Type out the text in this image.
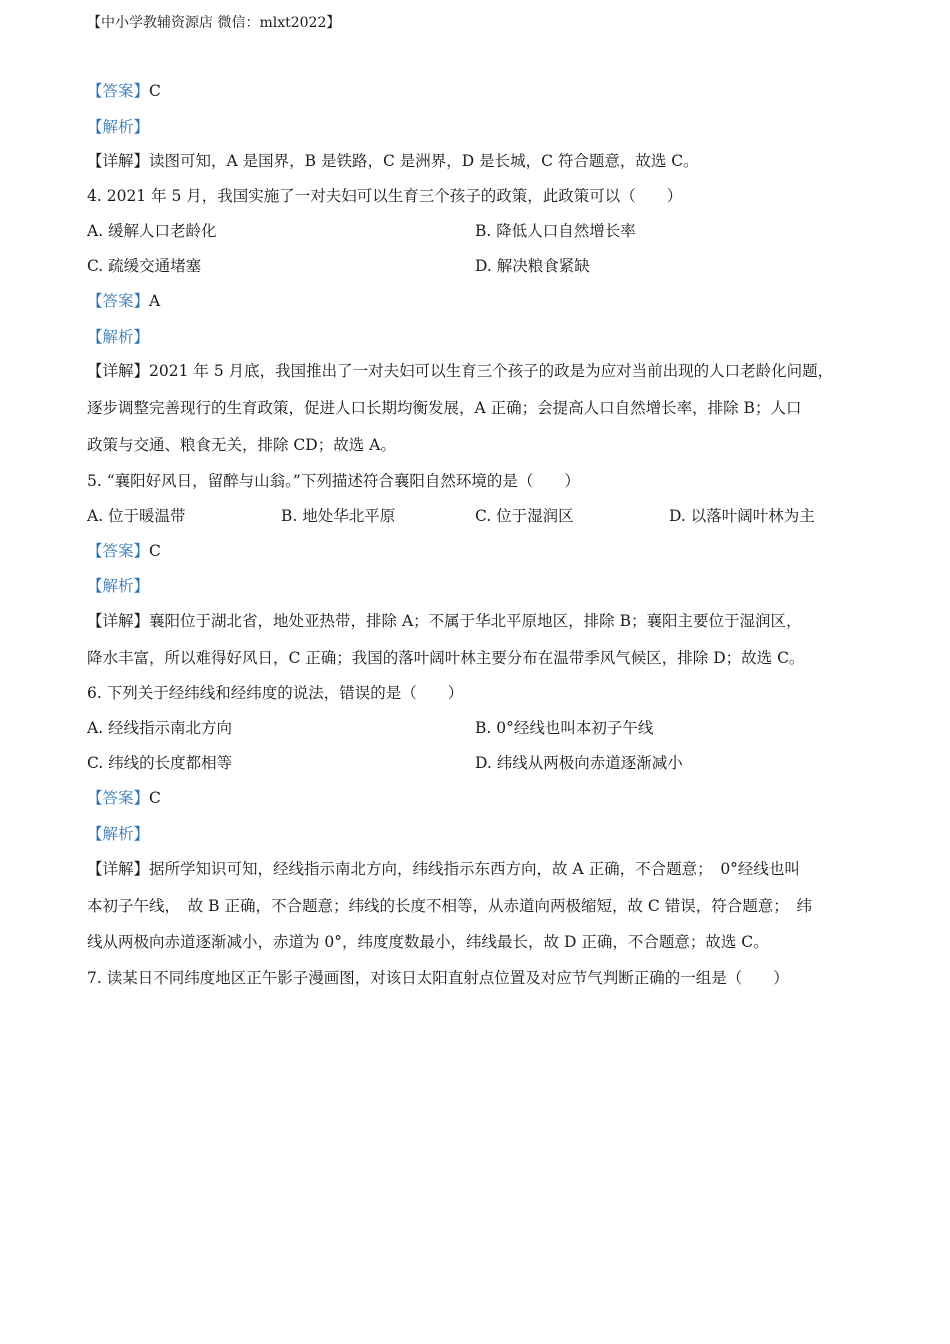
【中小学教辅资源店 微信：mlxt2022】
【答案】C
【解析】
【详解】读图可知，A 是国界，B 是铁路，C 是洲界，D 是长城，C 符合题意，故选 C。
4. 2021 年 5 月，我国实施了一对夫妇可以生育三个孩子的政策，此政策可以（　　）
A. 缓解人口老龄化	B. 降低人口自然增长率
C. 疏缓交通堵塞	D. 解决粮食紧缺
【答案】A
【解析】
【详解】2021 年 5 月底，我国推出了一对夫妇可以生育三个孩子的政是为应对当前出现的人口老龄化问题，
逐步调整完善现行的生育政策，促进人口长期均衡发展，A 正确；会提高人口自然增长率，排除 B；人口
政策与交通、粮食无关，排除 CD；故选 A。
5. “襄阳好风日，留醉与山翁。”下列描述符合襄阳自然环境的是（　　）
A. 位于暖温带	B. 地处华北平原	C. 位于湿润区	D. 以落叶阔叶林为主
【答案】C
【解析】
【详解】襄阳位于湖北省，地处亚热带，排除 A；不属于华北平原地区，排除 B；襄阳主要位于湿润区，
降水丰富，所以难得好风日，C 正确；我国的落叶阔叶林主要分布在温带季风气候区，排除 D；故选 C。
6. 下列关于经纬线和经纬度的说法，错误的是（　　）
A. 经线指示南北方向	B. 0°经线也叫本初子午线
C. 纬线的长度都相等	D. 纬线从两极向赤道逐渐减小
【答案】C
【解析】
【详解】据所学知识可知，经线指示南北方向，纬线指示东西方向，故 A 正确，不合题意；　0°经线也叫
本初子午线，　故 B 正确，不合题意；纬线的长度不相等，从赤道向两极缩短，故 C 错误，符合题意；　纬
线从两极向赤道逐渐减小，赤道为 0°，纬度度数最小，纬线最长，故 D 正确，不合题意；故选 C。
7. 读某日不同纬度地区正午影子漫画图，对该日太阳直射点位置及对应节气判断正确的一组是（　　）
